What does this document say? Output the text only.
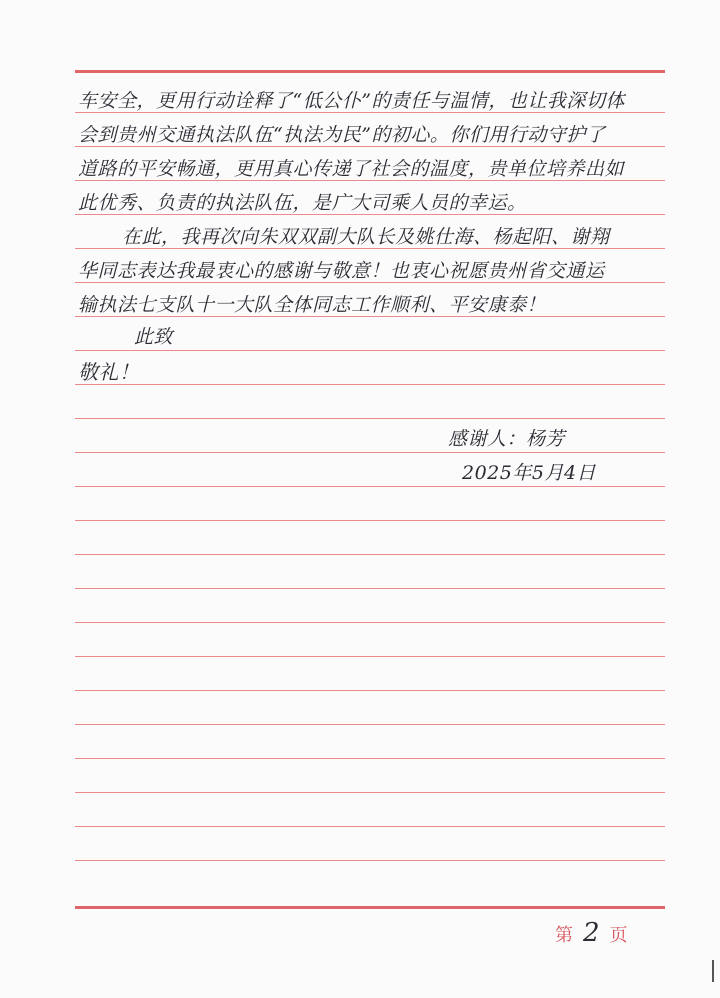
车安全，更用行动诠释了“低公仆”的责任与温情，也让我深切体
会到贵州交通执法队伍“执法为民”的初心。你们用行动守护了
道路的平安畅通，更用真心传递了社会的温度，贵单位培养出如
此优秀、负责的执法队伍，是广大司乘人员的幸运。
在此，我再次向朱双双副大队长及姚仕海、杨起阳、谢翔
华同志表达我最衷心的感谢与敬意！也衷心祝愿贵州省交通运
输执法七支队十一大队全体同志工作顺利、平安康泰！
此致
敬礼！
感谢人：杨芳
2025年5月4日
第 2 页
